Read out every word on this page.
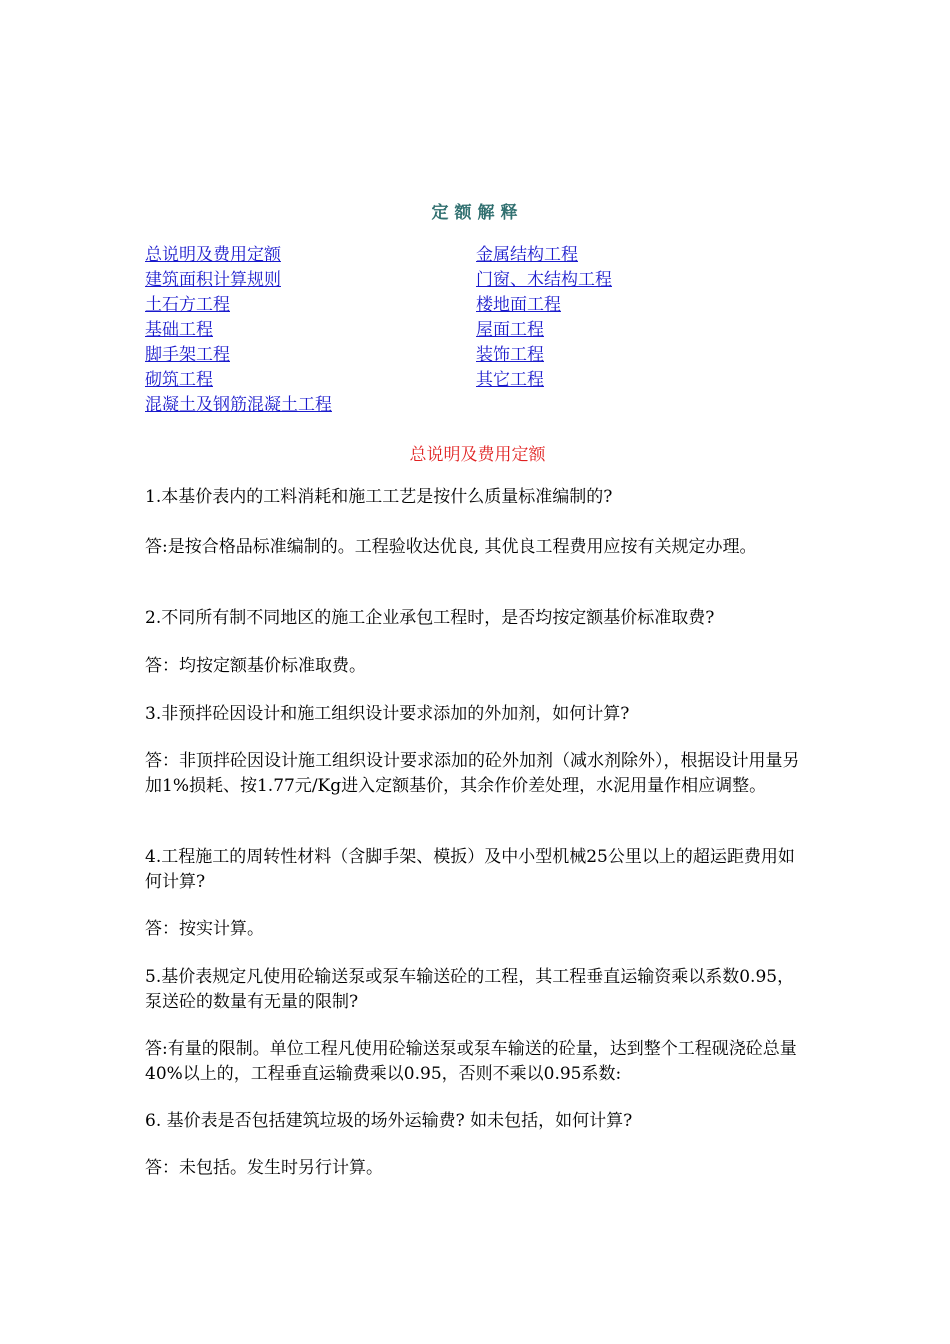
定额解释
总说明及费用定额
建筑面积计算规则
土石方工程
基础工程
脚手架工程
砌筑工程
混凝土及钢筋混凝土工程
金属结构工程
门窗、木结构工程
楼地面工程
屋面工程
装饰工程
其它工程
总说明及费用定额

1.本基价表内的工料消耗和施工工艺是按什么质量标准编制的?

答:是按合格品标准编制的。工程验收达优良, 其优良工程费用应按有关规定办理。

2.不同所有制不同地区的施工企业承包工程时，是否均按定额基价标准取费?

答：均按定额基价标准取费。

3.非预拌砼因设计和施工组织设计要求添加的外加剂，如何计算?

答：非顶拌砼因设计施工组织设计要求添加的砼外加剂（减水剂除外），根据设计用量另加1%损耗、按1.77元/Kg进入定额基价，其余作价差处理，水泥用量作相应调整。

4.工程施工的周转性材料（含脚手架、模扳）及中小型机械25公里以上的超运距费用如何计算?

答：按实计算。

5.基价表规定凡使用砼输送泵或泵车输送砼的工程，其工程垂直运输资乘以系数0.95，泵送砼的数量有无量的限制?

答:有量的限制。单位工程凡使用砼输送泵或泵车输送的砼量，达到整个工程砚浇砼总量40%以上的，工程垂直运输费乘以0.95，否则不乘以0.95系数:

6. 基价表是否包括建筑垃圾的场外运输费? 如未包括，如何计算?

答：未包括。发生时另行计算。
